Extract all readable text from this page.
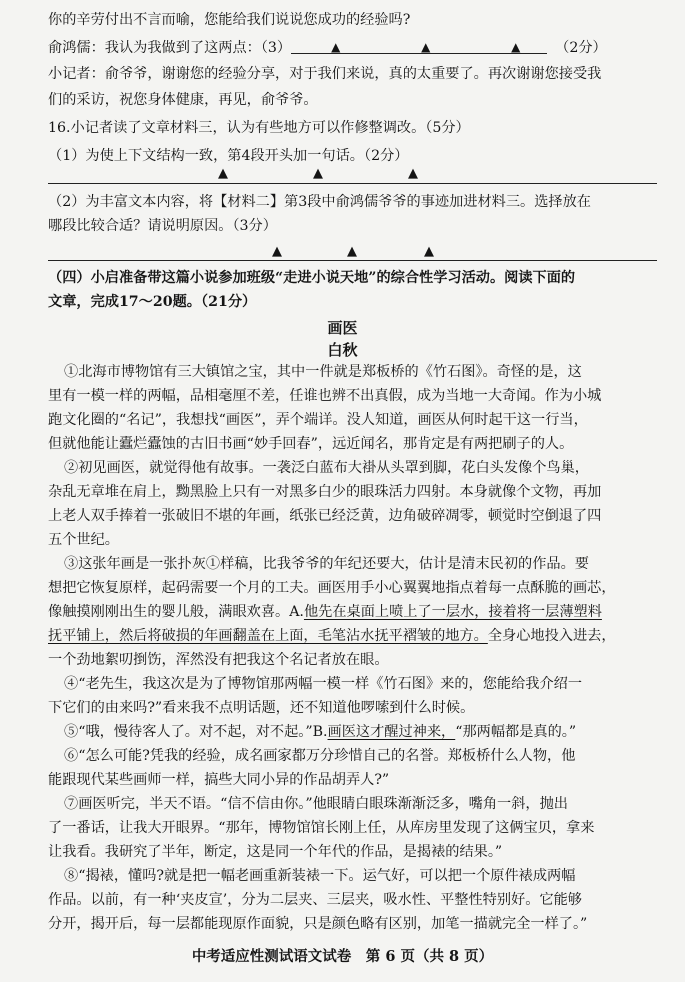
你的辛劳付出不言而喻，您能给我们说说您成功的经验吗?
俞鸿儒：我认为我做到了这两点：（3）	▲	▲	▲ （2分）
小记者：俞爷爷，谢谢您的经验分享，对于我们来说，真的太重要了。再次谢谢您接受我
们的采访，祝您身体健康，再见，俞爷爷。
16.小记者读了文章材料三，认为有些地方可以作修整调改。（5分）
（1）为使上下文结构一致，第4段开头加一句话。（2分）
▲	▲	▲
（2）为丰富文本内容，将【材料二】第3段中俞鸿儒爷爷的事迹加进材料三。选择放在
哪段比较合适？请说明原因。（3分）
▲	▲	▲
（四）小启准备带这篇小说参加班级“走进小说天地”的综合性学习活动。阅读下面的
文章，完成17～20题。（21分）
画医
白秋
①北海市博物馆有三大镇馆之宝，其中一件就是郑板桥的《竹石图》。奇怪的是，这
里有一模一样的两幅，品相毫厘不差，任谁也辨不出真假，成为当地一大奇闻。作为小城
跑文化圈的“名记”，我想找“画医”，弄个端详。没人知道，画医从何时起干这一行当，
但就他能让蠹烂蠹蚀的古旧书画“妙手回春”，远近闻名，那肯定是有两把刷子的人。
②初见画医，就觉得他有故事。一袭泛白蓝布大褂从头罩到脚，花白头发像个鸟巢，
杂乱无章堆在肩上，黝黑脸上只有一对黑多白少的眼珠活力四射。本身就像个文物，再加
上老人双手捧着一张破旧不堪的年画，纸张已经泛黄，边角破碎凋零，顿觉时空倒退了四
五个世纪。
③这张年画是一张扑灰①样稿，比我爷爷的年纪还要大，估计是清末民初的作品。要
想把它恢复原样，起码需要一个月的工夫。画医用手小心翼翼地指点着每一点酥脆的画芯，
像触摸刚刚出生的婴儿般，满眼欢喜。A.他先在桌面上喷上了一层水，接着将一层薄塑料
抚平铺上，然后将破损的年画翻盖在上面，毛笔沾水抚平褶皱的地方。全身心地投入进去，
一个劲地絮叨捯饬，浑然没有把我这个名记者放在眼。
④“老先生，我这次是为了博物馆那两幅一模一样《竹石图》来的，您能给我介绍一
下它们的由来吗?”看来我不点明话题，还不知道他啰嗦到什么时候。
⑤“哦，慢待客人了。对不起，对不起。”B.画医这才醒过神来，“那两幅都是真的。”
⑥“怎么可能?凭我的经验，成名画家都万分珍惜自己的名誉。郑板桥什么人物，他
能跟现代某些画师一样，搞些大同小异的作品胡弄人?”
⑦画医听完，半天不语。“信不信由你。”他眼睛白眼珠渐渐泛多，嘴角一斜，抛出
了一番话，让我大开眼界。“那年，博物馆馆长刚上任，从库房里发现了这俩宝贝，拿来
让我看。我研究了半年，断定，这是同一个年代的作品，是揭裱的结果。”
⑧“揭裱，懂吗?就是把一幅老画重新装裱一下。运气好，可以把一个原件裱成两幅
作品。以前，有一种‘夹皮宣’，分为二层夹、三层夹，吸水性、平整性特别好。它能够
分开，揭开后，每一层都能现原作面貌，只是颜色略有区别，加笔一描就完全一样了。”
中考适应性测试语文试卷　第 6 页（共 8 页）
